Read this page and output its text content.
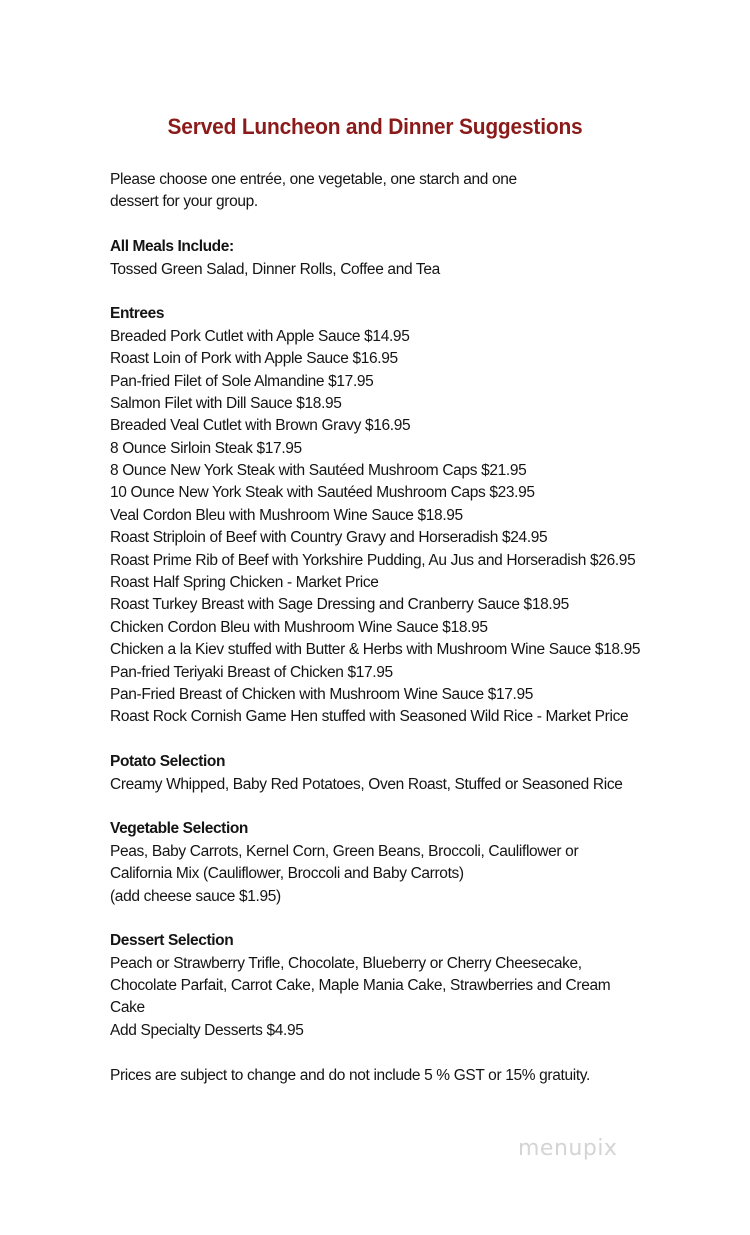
Served Luncheon and Dinner Suggestions
Please choose one entrée, one vegetable, one starch and one
dessert for your group.
All Meals Include:
Tossed Green Salad, Dinner Rolls, Coffee and Tea
Entrees
Breaded Pork Cutlet with Apple Sauce $14.95
Roast Loin of Pork with Apple Sauce $16.95
Pan-fried Filet of Sole Almandine $17.95
Salmon Filet with Dill Sauce $18.95
Breaded Veal Cutlet with Brown Gravy $16.95
8 Ounce Sirloin Steak $17.95
8 Ounce New York Steak with Sautéed Mushroom Caps $21.95
10 Ounce New York Steak with Sautéed Mushroom Caps $23.95
Veal Cordon Bleu with Mushroom Wine Sauce $18.95
Roast Striploin of Beef with Country Gravy and Horseradish $24.95
Roast Prime Rib of Beef with Yorkshire Pudding, Au Jus and Horseradish $26.95
Roast Half Spring Chicken - Market Price
Roast Turkey Breast with Sage Dressing and Cranberry Sauce $18.95
Chicken Cordon Bleu with Mushroom Wine Sauce $18.95
Chicken a la Kiev stuffed with Butter & Herbs with Mushroom Wine Sauce $18.95
Pan-fried Teriyaki Breast of Chicken $17.95
Pan-Fried Breast of Chicken with Mushroom Wine Sauce $17.95
Roast Rock Cornish Game Hen stuffed with Seasoned Wild Rice - Market Price
Potato Selection
Creamy Whipped, Baby Red Potatoes, Oven Roast, Stuffed or Seasoned Rice
Vegetable Selection
Peas, Baby Carrots, Kernel Corn, Green Beans, Broccoli, Cauliflower or
California Mix (Cauliflower, Broccoli and Baby Carrots)
(add cheese sauce $1.95)
Dessert Selection
Peach or Strawberry Trifle, Chocolate, Blueberry or Cherry Cheesecake,
Chocolate Parfait, Carrot Cake, Maple Mania Cake, Strawberries and Cream
Cake
Add Specialty Desserts $4.95
Prices are subject to change and do not include 5 % GST or 15% gratuity.
menupix
